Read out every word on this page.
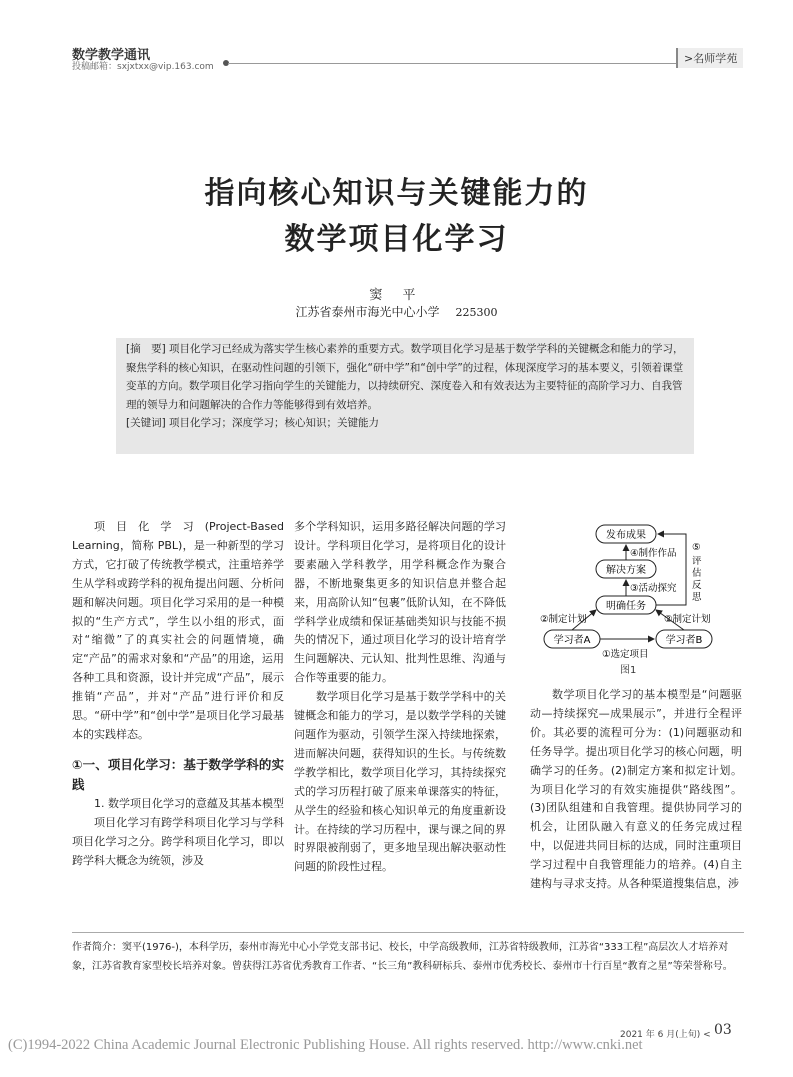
数学教学通讯
投稿邮箱：sxjxtxx@vip.163.com
>名师学苑
指向核心知识与关键能力的
数学项目化学习
窦 平
江苏省泰州市海光中心小学 225300
[摘　要] 项目化学习已经成为落实学生核心素养的重要方式。数学项目化学习是基于数学学科的关键概念和能力的学习，聚焦学科的核心知识，在驱动性问题的引领下，强化“研中学”和“创中学”的过程，体现深度学习的基本要义，引领着课堂变革的方向。数学项目化学习指向学生的关键能力，以持续研究、深度卷入和有效表达为主要特征的高阶学习力、自我管理的领导力和问题解决的合作力等能够得到有效培养。
[关键词] 项目化学习；深度学习；核心知识；关键能力

项目化学习(Project-Based Learning，简称 PBL)，是一种新型的学习方式，它打破了传统教学模式，注重培养学生从学科或跨学科的视角提出问题、分析问题和解决问题。项目化学习采用的是一种模拟的“生产方式”，学生以小组的形式，面对“缩微”了的真实社会的问题情境，确定“产品”的需求对象和“产品”的用途，运用各种工具和资源，设计并完成“产品”，展示推销“产品”，并对“产品”进行评价和反思。“研中学”和“创中学”是项目化学习最基本的实践样态。

①一、项目化学习：基于数学学科的实践

1. 数学项目化学习的意蕴及其基本模型

项目化学习有跨学科项目化学习与学科项目化学习之分。跨学科项目化学习，即以跨学科大概念为统领，涉及

多个学科知识，运用多路径解决问题的学习设计。学科项目化学习，是将项目化的设计要素融入学科教学，用学科概念作为聚合器，不断地聚集更多的知识信息并整合起来，用高阶认知“包裹”低阶认知，在不降低学科学业成绩和保证基础类知识与技能不损失的情况下，通过项目化学习的设计培育学生问题解决、元认知、批判性思维、沟通与合作等重要的能力。

数学项目化学习是基于数学学科中的关键概念和能力的学习，是以数学学科的关键问题作为驱动，引领学生深入持续地探索，进而解决问题，获得知识的生长。与传统数学教学相比，数学项目化学习，其持续探究式的学习历程打破了原来单课落实的特征，从学生的经验和核心知识单元的角度重新设计。在持续的学习历程中，课与课之间的界时界限被削弱了，更多地呈现出解决驱动性问题的阶段性过程。

发布成果
解决方案
明确任务
学习者A	学习者B
④制作作品
③活动探究
②制定计划	②制定计划
①选定项目
⑤ 评 估 反 思
图1

数学项目化学习的基本模型是“问题驱动—持续探究—成果展示”，并进行全程评价。其必要的流程可分为：(1)问题驱动和任务导学。提出项目化学习的核心问题，明确学习的任务。(2)制定方案和拟定计划。为项目化学习的有效实施提供“路线图”。(3)团队组建和自我管理。提供协同学习的机会，让团队融入有意义的任务完成过程中，以促进共同目标的达成，同时注重项目学习过程中自我管理能力的培养。(4)自主建构与寻求支持。从各种渠道搜集信息，涉

作者简介：窦平(1976-)，本科学历，泰州市海光中心小学党支部书记、校长，中学高级教师，江苏省特级教师，江苏省“333工程”高层次人才培养对象，江苏省教育家型校长培养对象。曾获得江苏省优秀教育工作者、“长三角”教科研标兵、泰州市优秀校长、泰州市十行百星“教育之星”等荣誉称号。
2021 年 6 月(上旬) < 03
(C)1994-2022 China Academic Journal Electronic Publishing House. All rights reserved. http://www.cnki.net
